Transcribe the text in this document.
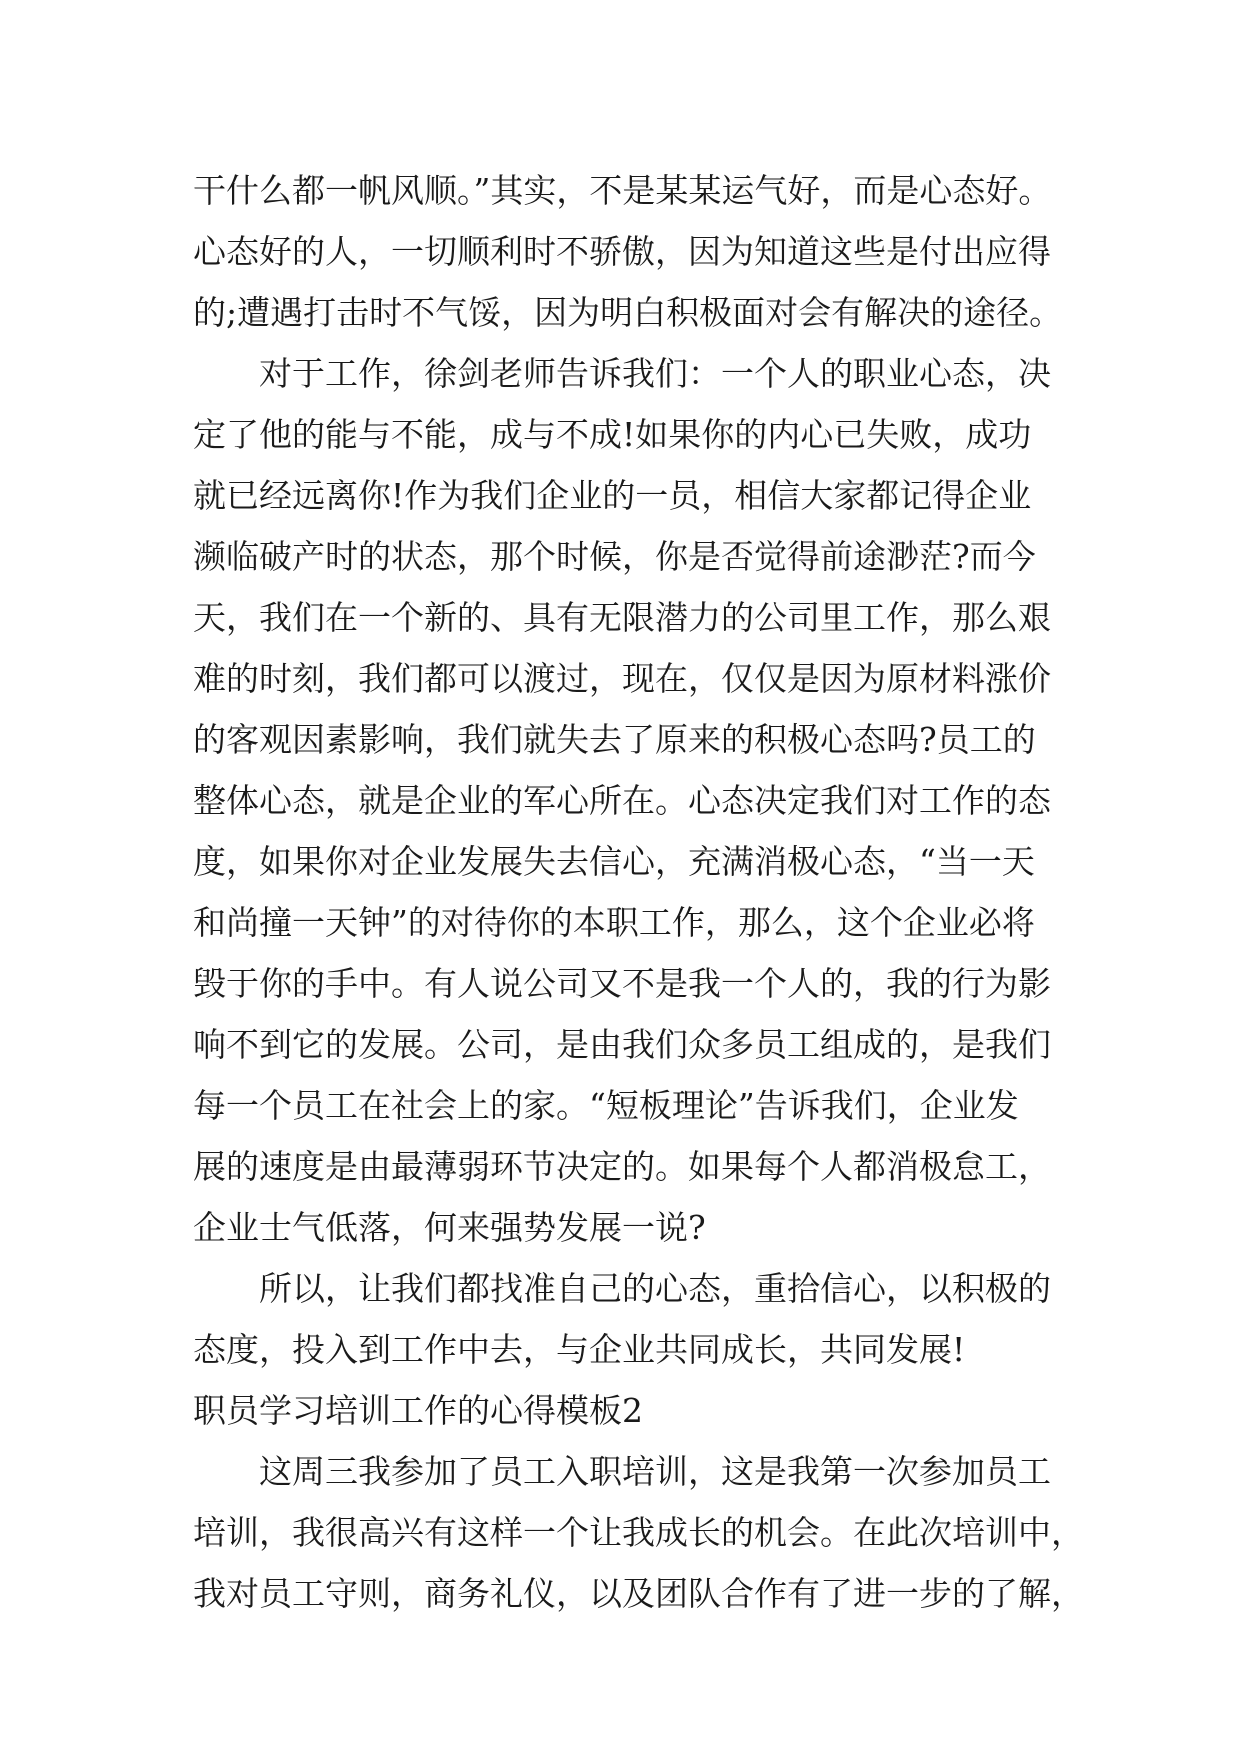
干什么都一帆风顺。”其实，不是某某运气好，而是心态好。
心态好的人，一切顺利时不骄傲，因为知道这些是付出应得
的;遭遇打击时不气馁，因为明白积极面对会有解决的途径。
对于工作，徐剑老师告诉我们：一个人的职业心态，决
定了他的能与不能，成与不成!如果你的内心已失败，成功
就已经远离你!作为我们企业的一员，相信大家都记得企业
濒临破产时的状态，那个时候，你是否觉得前途渺茫?而今
天，我们在一个新的、具有无限潜力的公司里工作，那么艰
难的时刻，我们都可以渡过，现在，仅仅是因为原材料涨价
的客观因素影响，我们就失去了原来的积极心态吗?员工的
整体心态，就是企业的军心所在。心态决定我们对工作的态
度，如果你对企业发展失去信心，充满消极心态，“当一天
和尚撞一天钟”的对待你的本职工作，那么，这个企业必将
毁于你的手中。有人说公司又不是我一个人的，我的行为影
响不到它的发展。公司，是由我们众多员工组成的，是我们
每一个员工在社会上的家。“短板理论”告诉我们，企业发
展的速度是由最薄弱环节决定的。如果每个人都消极怠工，
企业士气低落，何来强势发展一说?
所以，让我们都找准自己的心态，重拾信心，以积极的
态度，投入到工作中去，与企业共同成长，共同发展!
职员学习培训工作的心得模板2
这周三我参加了员工入职培训，这是我第一次参加员工
培训，我很高兴有这样一个让我成长的机会。在此次培训中，
我对员工守则，商务礼仪，以及团队合作有了进一步的了解，
